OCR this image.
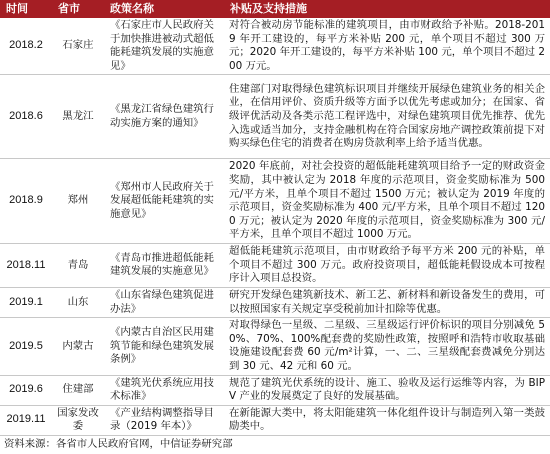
时间	省市	政策名称	补贴及支持措施
2018.2	石家庄	《石家庄市人民政府关于加快推进被动式超低能耗建筑发展的实施意见》	对符合被动房节能标准的建筑项目，由市财政给予补贴。2018-2019 年开工建设的，每平方米补贴 200 元，单个项目不超过 300 万元；2020 年开工建设的，每平方米补贴 100 元，单个项目不超过 200 万元。
2018.6	黑龙江	《黑龙江省绿色建筑行动实施方案的通知》	住建部门对取得绿色建筑标识项目并继续开展绿色建筑业务的相关企业，在信用评价、资质升级等方面予以优先考虑或加分；在国家、省级评优活动及各类示范工程评选中，对绿色建筑项目优先推荐、优先入选或适当加分，支持金融机构在符合国家房地产调控政策前提下对购买绿色住宅的消费者在购房贷款利率上给予适当优惠。
2018.9	郑州	《郑州市人民政府关于发展超低能耗建筑的实施意见》	2020 年底前，对社会投资的超低能耗建筑项目给予一定的财政资金奖励，其中被认定为 2018 年度的示范项目，资金奖励标准为 500 元/平方米，且单个项目不超过 1500 万元；被认定为 2019 年度的示范项目，资金奖励标准为 400 元/平方米，且单个项目不超过 1200 万元；被认定为 2020 年度的示范项目，资金奖励标准为 300 元/平方米，且单个项目不超过 1000 万元。
2018.11	青岛	《青岛市推进超低能耗建筑发展的实施意见》	超低能耗建筑示范项目，由市财政给予每平方米 200 元的补贴，单个项目不超过 300 万元。政府投资项目，超低能耗假设成本可按程序计入项目总投资。
2019.1	山东	《山东省绿色建筑促进办法》	研究开发绿色建筑新技术、新工艺、新材料和新设备发生的费用，可以按照国家有关规定享受税前加计扣除等优惠。
2019.5	内蒙古	《内蒙古自治区民用建筑节能和绿色建筑发展条例》	对取得绿色一星级、二星级、三星级运行评价标识的项目分别减免 50%、70%、100%配套费的奖励性政策，按照呼和浩特市收取基础设施建设配套费 60 元/m²计算，一、二、三星级配套费减免分别达到 30 元、42 元和 60 元。
2019.6	住建部	《建筑光伏系统应用技术标准》	规范了建筑光伏系统的设计、施工、验收及运行运维等内容，为 BIPV 产业的发展奠定了良好的发展基础。
2019.11	国家发改委	《产业结构调整指导目录（2019 年本）》	在新能源大类中，将太阳能建筑一体化组件设计与制造列入第一类鼓励类中。
资料来源：各省市人民政府官网，中信证券研究部
